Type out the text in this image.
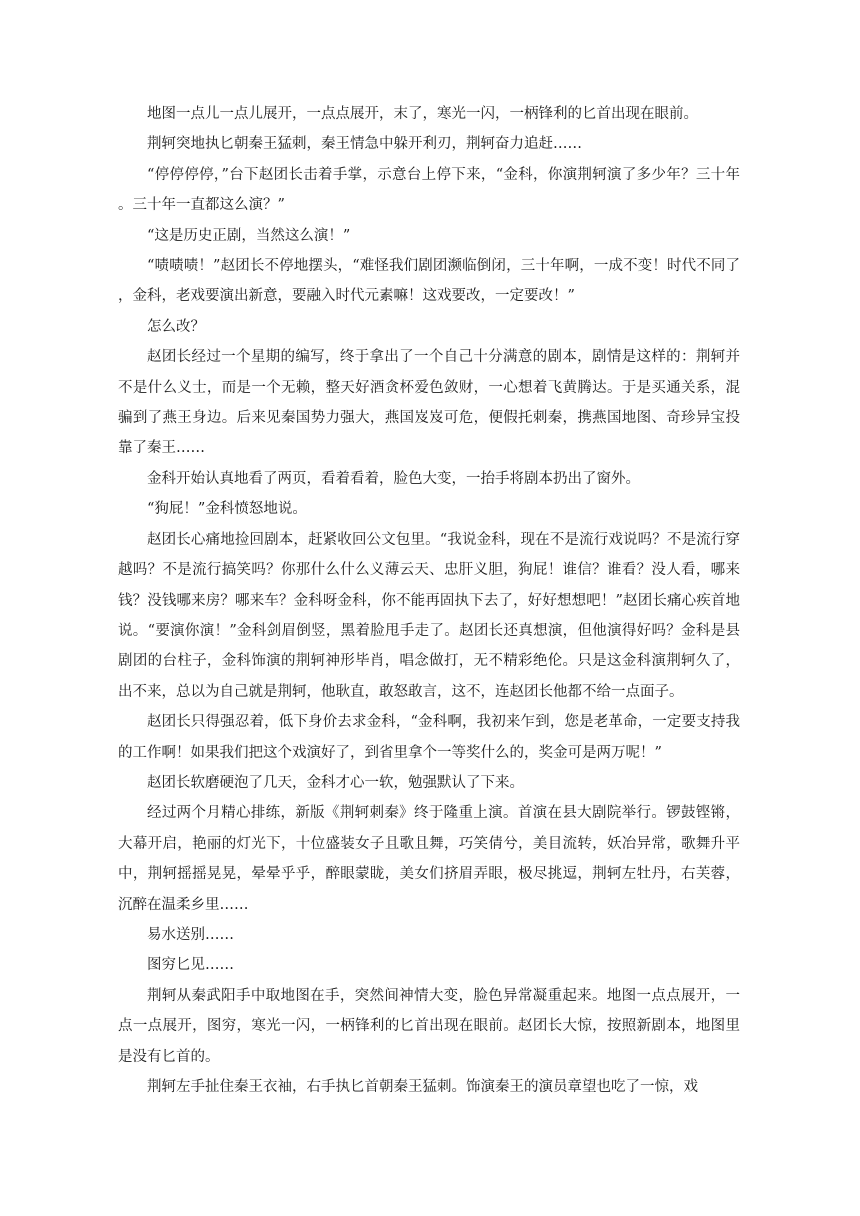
地图一点儿一点儿展开，一点点展开，末了，寒光一闪，一柄锋利的匕首出现在眼前。

荆轲突地执匕朝秦王猛刺，秦王情急中躲开利刃，荆轲奋力追赶……

“停停停停，”台下赵团长击着手掌，示意台上停下来，“金科，你演荆轲演了多少年？三十年。三十年一直都这么演？”

“这是历史正剧，当然这么演！”

“啧啧啧！”赵团长不停地摆头，“难怪我们剧团濒临倒闭，三十年啊，一成不变！时代不同了，金科，老戏要演出新意，要融入时代元素嘛！这戏要改，一定要改！”

怎么改？

赵团长经过一个星期的编写，终于拿出了一个自己十分满意的剧本，剧情是这样的：荆轲并不是什么义士，而是一个无赖，整天好酒贪杯爱色敛财，一心想着飞黄腾达。于是买通关系，混骗到了燕王身边。后来见秦国势力强大，燕国岌岌可危，便假托刺秦，携燕国地图、奇珍异宝投靠了秦王……

金科开始认真地看了两页，看着看着，脸色大变，一抬手将剧本扔出了窗外。

“狗屁！”金科愤怒地说。

赵团长心痛地捡回剧本，赶紧收回公文包里。“我说金科，现在不是流行戏说吗？不是流行穿越吗？不是流行搞笑吗？你那什么什么义薄云天、忠肝义胆，狗屁！谁信？谁看？没人看，哪来钱？没钱哪来房？哪来车？金科呀金科，你不能再固执下去了，好好想想吧！”赵团长痛心疾首地说。“要演你演！”金科剑眉倒竖，黑着脸甩手走了。赵团长还真想演，但他演得好吗？金科是县剧团的台柱子，金科饰演的荆轲神形毕肖，唱念做打，无不精彩绝伦。只是这金科演荆轲久了，出不来，总以为自己就是荆轲，他耿直，敢怒敢言，这不，连赵团长他都不给一点面子。

赵团长只得强忍着，低下身价去求金科，“金科啊，我初来乍到，您是老革命，一定要支持我的工作啊！如果我们把这个戏演好了，到省里拿个一等奖什么的，奖金可是两万呢！”

赵团长软磨硬泡了几天，金科才心一软，勉强默认了下来。

经过两个月精心排练，新版《荆轲刺秦》终于隆重上演。首演在县大剧院举行。锣鼓铿锵，大幕开启，艳丽的灯光下，十位盛装女子且歌且舞，巧笑倩兮，美目流转，妖冶异常，歌舞升平中，荆轲摇摇晃晃，晕晕乎乎，醉眼蒙眬，美女们挤眉弄眼，极尽挑逗，荆轲左牡丹，右芙蓉，沉醉在温柔乡里……

易水送别……

图穷匕见……

荆轲从秦武阳手中取地图在手，突然间神情大变，脸色异常凝重起来。地图一点点展开，一点一点展开，图穷，寒光一闪，一柄锋利的匕首出现在眼前。赵团长大惊，按照新剧本，地图里是没有匕首的。

荆轲左手扯住秦王衣袖，右手执匕首朝秦王猛刺。饰演秦王的演员章望也吃了一惊，戏
